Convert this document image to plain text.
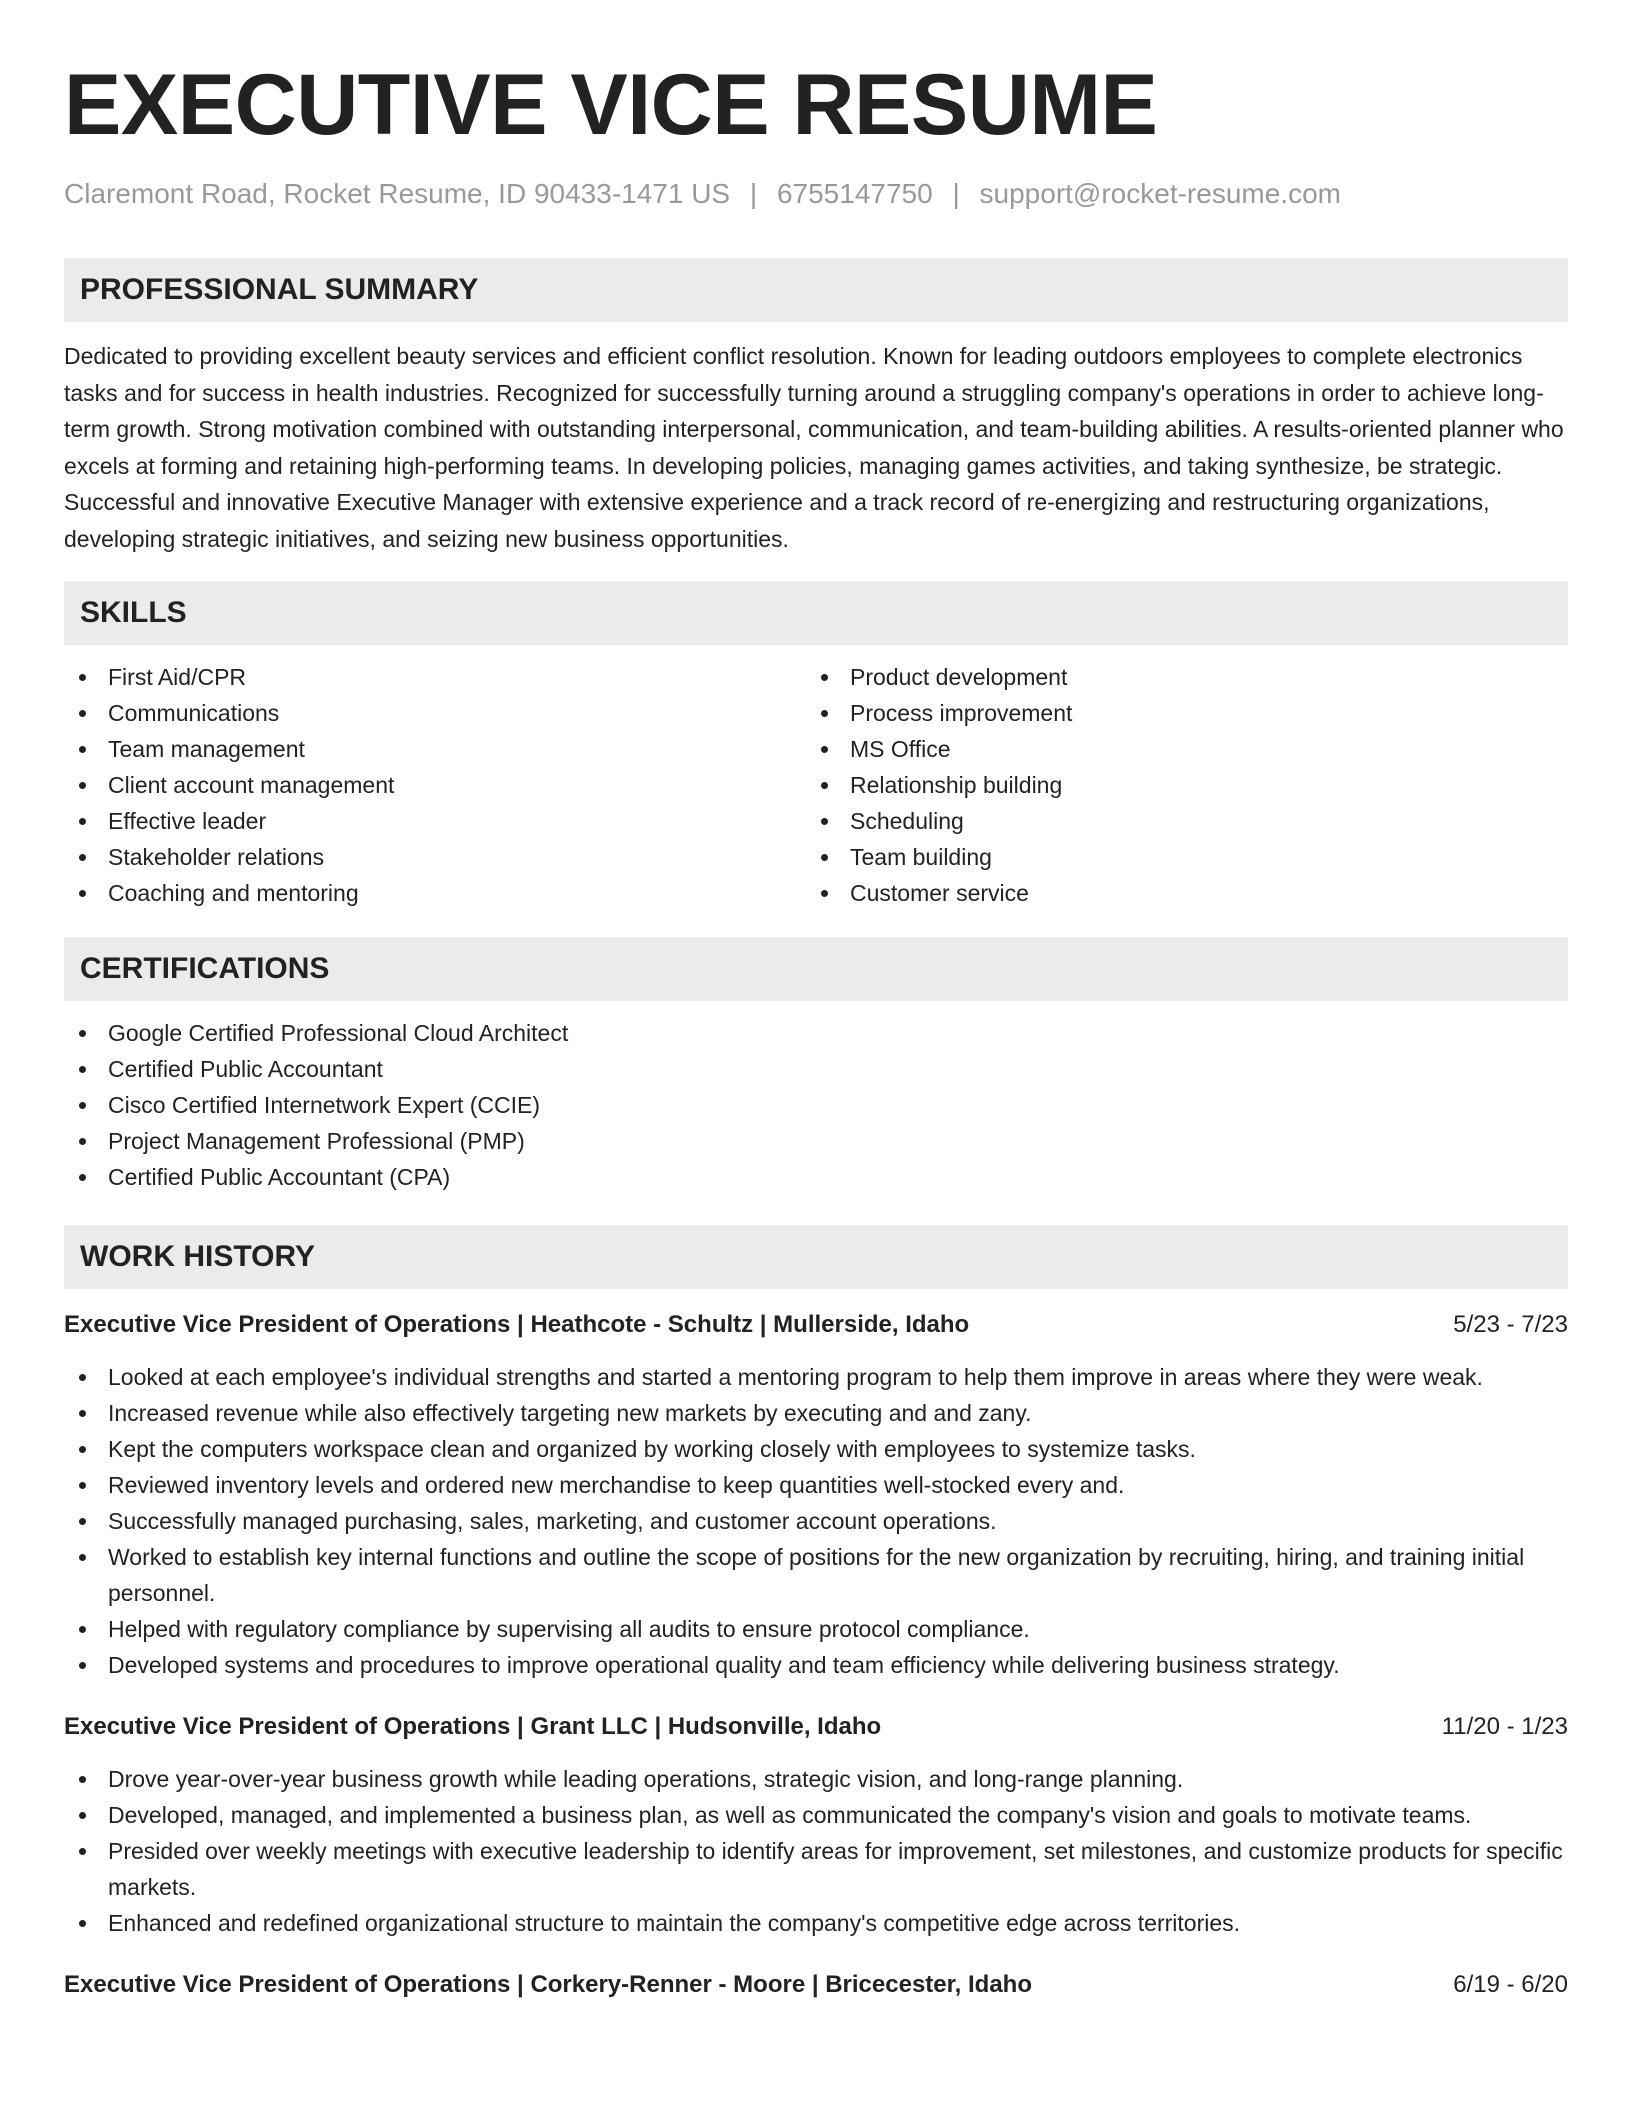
EXECUTIVE VICE RESUME
Claremont Road, Rocket Resume, ID 90433-1471 US | 6755147750 | support@rocket-resume.com
PROFESSIONAL SUMMARY
Dedicated to providing excellent beauty services and efficient conflict resolution. Known for leading outdoors employees to complete electronics tasks and for success in health industries. Recognized for successfully turning around a struggling company's operations in order to achieve long-term growth. Strong motivation combined with outstanding interpersonal, communication, and team-building abilities. A results-oriented planner who excels at forming and retaining high-performing teams. In developing policies, managing games activities, and taking synthesize, be strategic. Successful and innovative Executive Manager with extensive experience and a track record of re-energizing and restructuring organizations, developing strategic initiatives, and seizing new business opportunities.
SKILLS
First Aid/CPR
Communications
Team management
Client account management
Effective leader
Stakeholder relations
Coaching and mentoring
Product development
Process improvement
MS Office
Relationship building
Scheduling
Team building
Customer service
CERTIFICATIONS
Google Certified Professional Cloud Architect
Certified Public Accountant
Cisco Certified Internetwork Expert (CCIE)
Project Management Professional (PMP)
Certified Public Accountant (CPA)
WORK HISTORY
Executive Vice President of Operations | Heathcote - Schultz | Mullerside, Idaho	5/23 - 7/23
Looked at each employee's individual strengths and started a mentoring program to help them improve in areas where they were weak.
Increased revenue while also effectively targeting new markets by executing and and zany.
Kept the computers workspace clean and organized by working closely with employees to systemize tasks.
Reviewed inventory levels and ordered new merchandise to keep quantities well-stocked every and.
Successfully managed purchasing, sales, marketing, and customer account operations.
Worked to establish key internal functions and outline the scope of positions for the new organization by recruiting, hiring, and training initial personnel.
Helped with regulatory compliance by supervising all audits to ensure protocol compliance.
Developed systems and procedures to improve operational quality and team efficiency while delivering business strategy.
Executive Vice President of Operations | Grant LLC | Hudsonville, Idaho	11/20 - 1/23
Drove year-over-year business growth while leading operations, strategic vision, and long-range planning.
Developed, managed, and implemented a business plan, as well as communicated the company's vision and goals to motivate teams.
Presided over weekly meetings with executive leadership to identify areas for improvement, set milestones, and customize products for specific markets.
Enhanced and redefined organizational structure to maintain the company's competitive edge across territories.
Executive Vice President of Operations | Corkery-Renner - Moore | Bricecester, Idaho	6/19 - 6/20
